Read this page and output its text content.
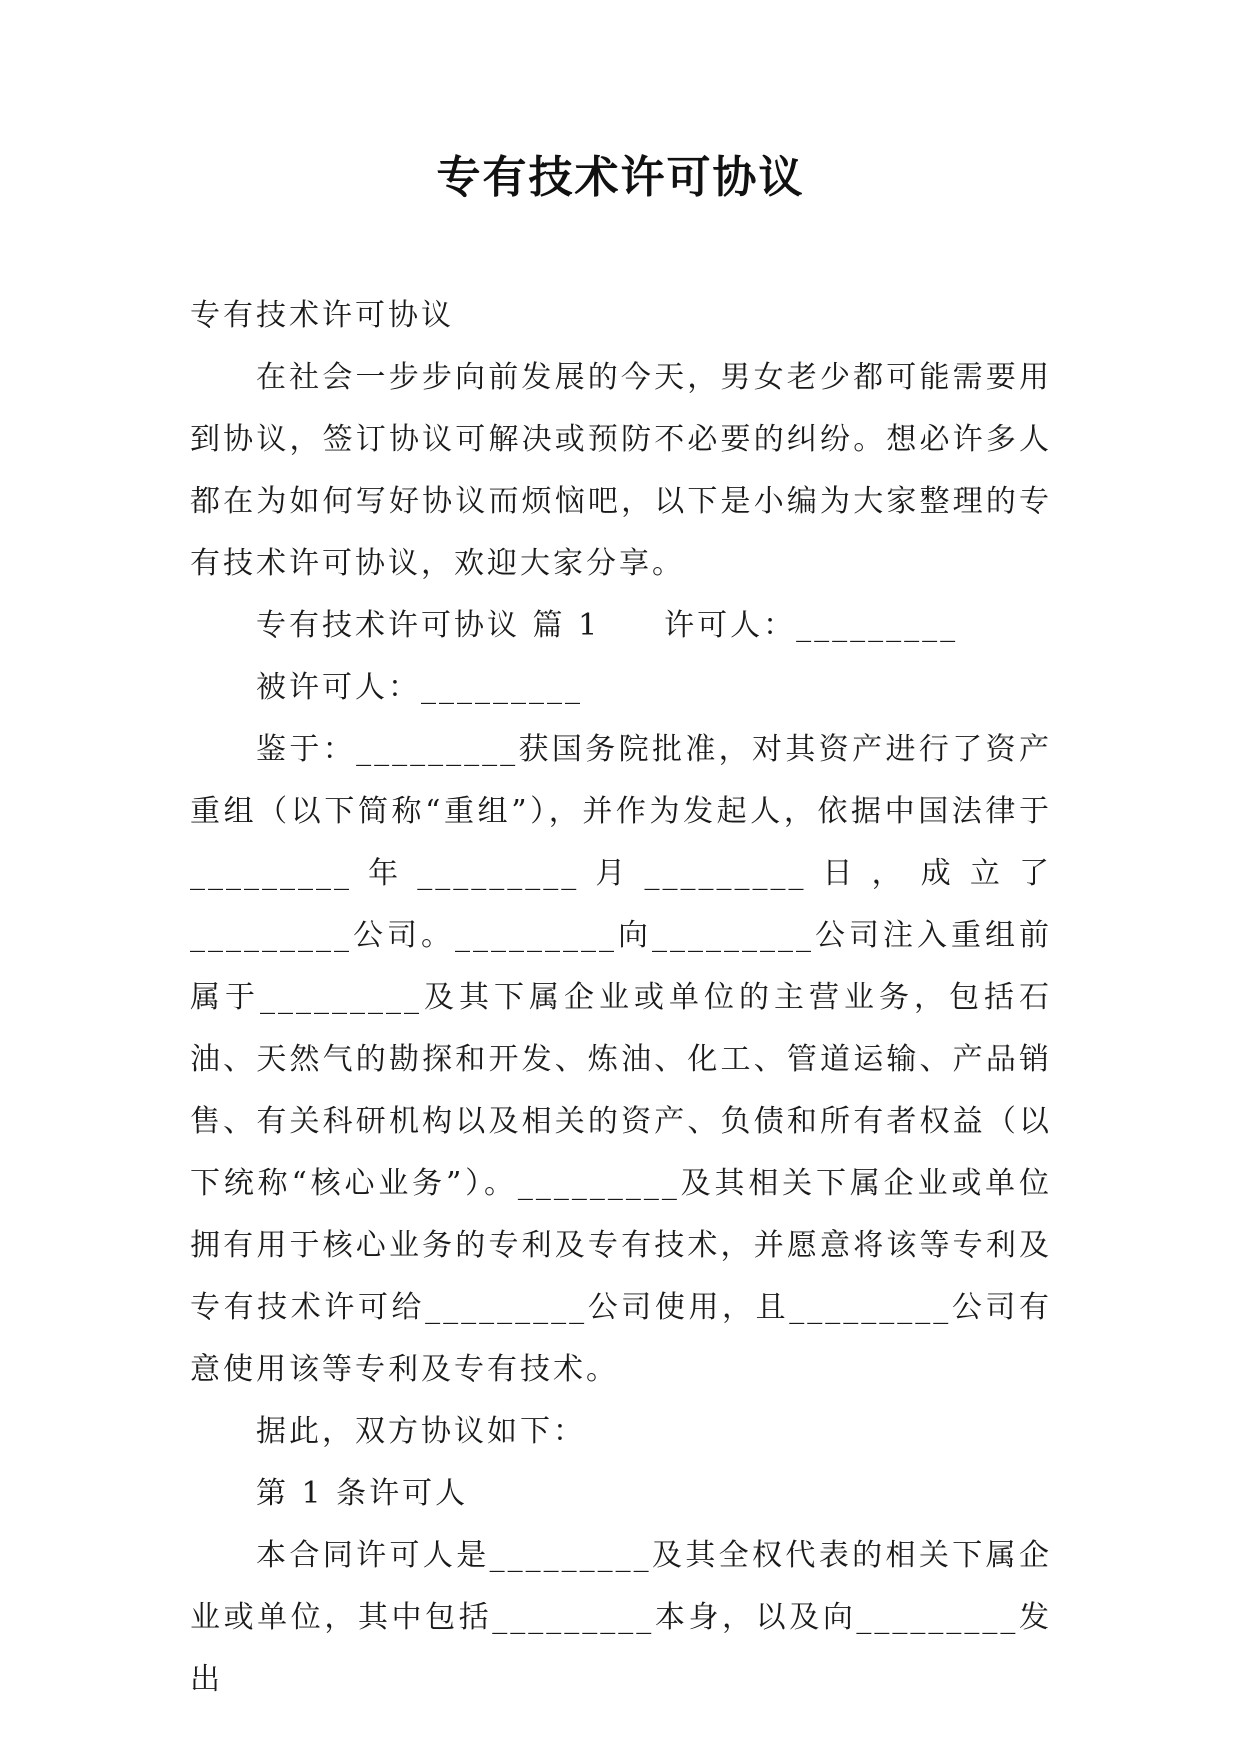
专有技术许可协议

专有技术许可协议

在社会一步步向前发展的今天，男女老少都可能需要用到协议，签订协议可解决或预防不必要的纠纷。想必许多人都在为如何写好协议而烦恼吧，以下是小编为大家整理的专有技术许可协议，欢迎大家分享。

专有技术许可协议 篇 1 许可人：_________

被许可人：_________

鉴于：_________获国务院批准，对其资产进行了资产重组（以下简称“重组”），并作为发起人，依据中国法律于_________年_________月_________日，成立了_________公司。_________向_________公司注入重组前属于_________及其下属企业或单位的主营业务，包括石油、天然气的勘探和开发、炼油、化工、管道运输、产品销售、有关科研机构以及相关的资产、负债和所有者权益（以下统称“核心业务”）。_________及其相关下属企业或单位拥有用于核心业务的专利及专有技术，并愿意将该等专利及专有技术许可给_________公司使用，且_________公司有意使用该等专利及专有技术。

据此，双方协议如下：

第 1 条许可人

本合同许可人是_________及其全权代表的相关下属企业或单位，其中包括_________本身，以及向_________发出
